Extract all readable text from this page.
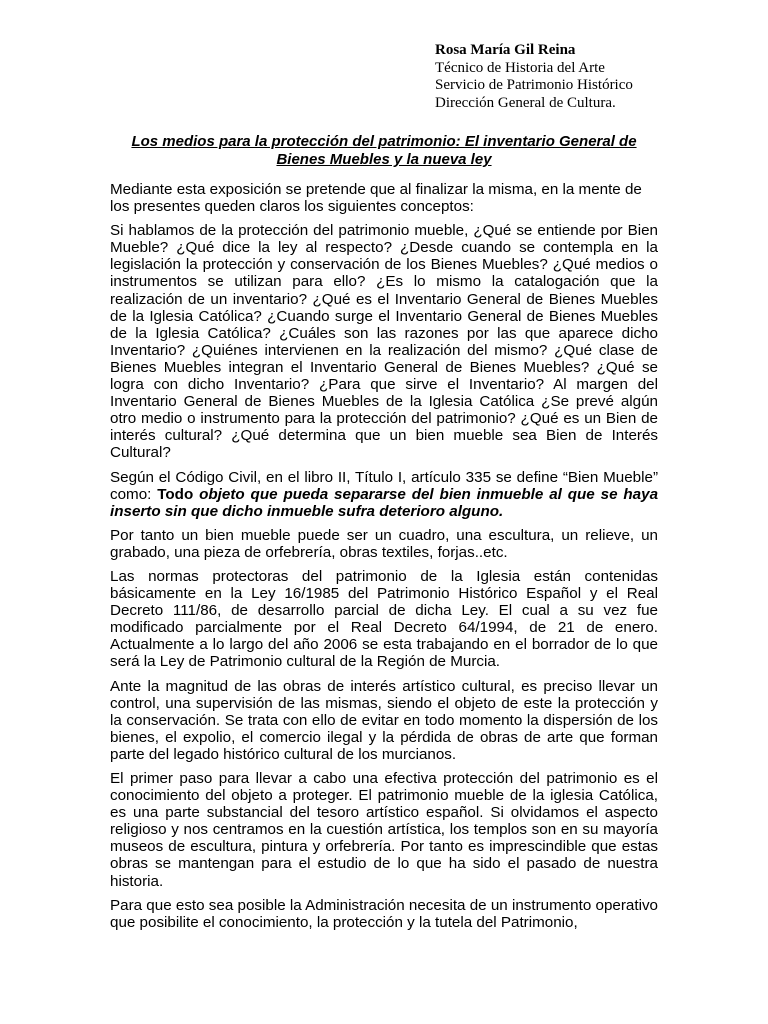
Rosa María Gil Reina
Técnico de Historia del Arte
Servicio de Patrimonio Histórico
Dirección General de Cultura.
Los medios para la protección del patrimonio: El inventario General de Bienes Muebles y la nueva ley

Mediante esta exposición se pretende que al finalizar la misma, en la mente de los presentes queden claros los siguientes conceptos:

Si hablamos de la protección del patrimonio mueble, ¿Qué se entiende por Bien Mueble? ¿Qué dice la ley al respecto? ¿Desde cuando se contempla en la legislación la protección y conservación de los Bienes Muebles? ¿Qué medios o instrumentos se utilizan para ello? ¿Es lo mismo la catalogación que la realización de un inventario? ¿Qué es el Inventario General de Bienes Muebles de la Iglesia Católica? ¿Cuando surge el Inventario General de Bienes Muebles de la Iglesia Católica? ¿Cuáles son las razones por las que aparece dicho Inventario? ¿Quiénes intervienen en la realización del mismo? ¿Qué clase de Bienes Muebles integran el Inventario General de Bienes Muebles? ¿Qué se logra con dicho Inventario? ¿Para que sirve el Inventario? Al margen del Inventario General de Bienes Muebles de la Iglesia Católica ¿Se prevé algún otro medio o instrumento para la protección del patrimonio? ¿Qué es un Bien de interés cultural? ¿Qué determina que un bien mueble sea Bien de Interés Cultural?

Según el Código Civil, en el libro II, Título I, artículo 335 se define “Bien Mueble” como: Todo objeto que pueda separarse del bien inmueble al que se haya inserto sin que dicho inmueble sufra deterioro alguno.

Por tanto un bien mueble puede ser un cuadro, una escultura, un relieve, un grabado, una pieza de orfebrería, obras textiles, forjas..etc.

Las normas protectoras del patrimonio de la Iglesia están contenidas básicamente en la Ley 16/1985 del Patrimonio Histórico Español y el Real Decreto 111/86, de desarrollo parcial de dicha Ley. El cual a su vez fue modificado parcialmente por el Real Decreto 64/1994, de 21 de enero. Actualmente a lo largo del año 2006 se esta trabajando en el borrador de lo que será la Ley de Patrimonio cultural de la Región de Murcia.

Ante la magnitud de las obras de interés artístico cultural, es preciso llevar un control, una supervisión de las mismas, siendo el objeto de este la protección y la conservación. Se trata con ello de evitar en todo momento la dispersión de los bienes, el expolio, el comercio ilegal y la pérdida de obras de arte que forman parte del legado histórico cultural de los murcianos.

El primer paso para llevar a cabo una efectiva protección del patrimonio es el conocimiento del objeto a proteger. El patrimonio mueble de la iglesia Católica, es una parte substancial del tesoro artístico español. Si olvidamos el aspecto religioso y nos centramos en la cuestión artística, los templos son en su mayoría museos de escultura, pintura y orfebrería. Por tanto es imprescindible que estas obras se mantengan para el estudio de lo que ha sido el pasado de nuestra historia.

Para que esto sea posible la Administración necesita de un instrumento operativo que posibilite el conocimiento, la protección y la tutela del Patrimonio,
